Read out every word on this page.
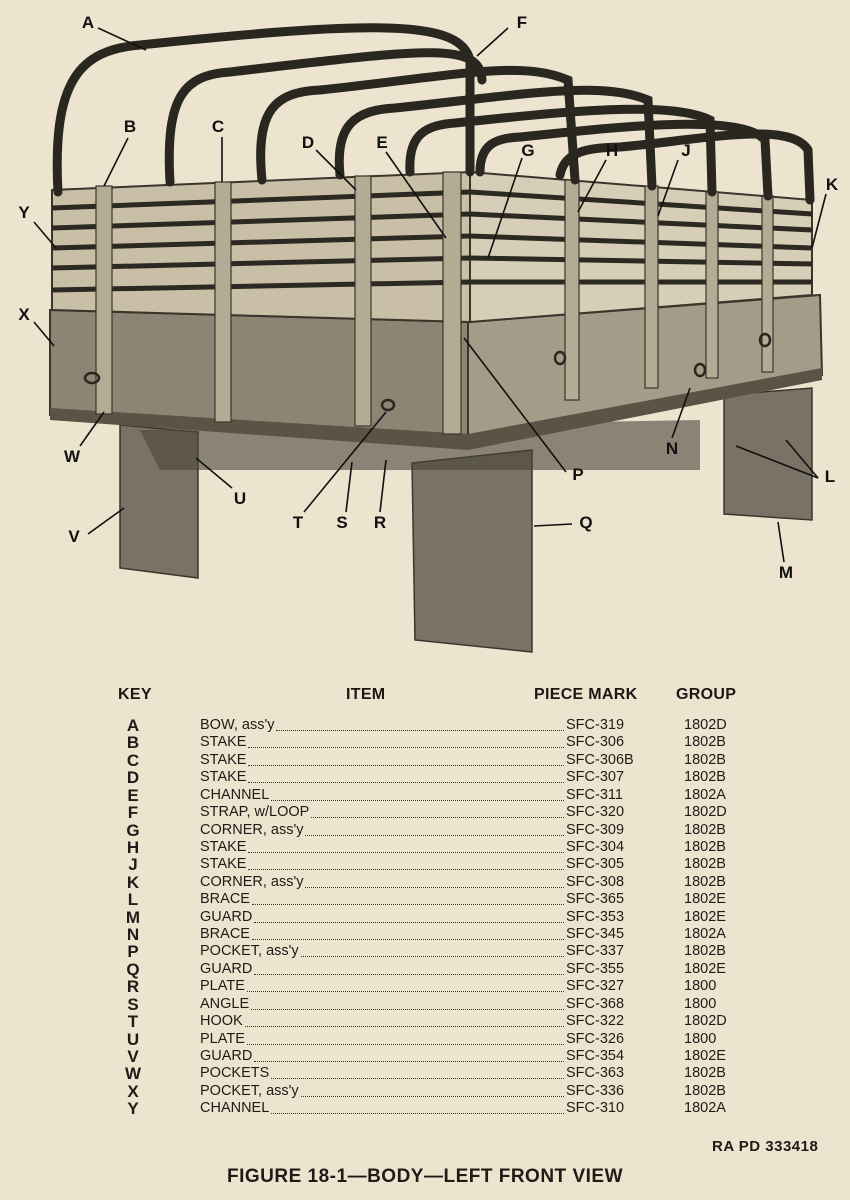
A
B	C
D	E
F
G	H	J
K
Y
X
W
V
U
T	S	R
P
N
L
M
Q
KEY	ITEM	PIECE MARK GROUP
A	BOW, ass'y	SFC-319	1802D
B	STAKE	SFC-306	1802B
C	STAKE	SFC-306B	1802B
D	STAKE	SFC-307	1802B
E	CHANNEL	SFC-311	1802A
F	STRAP, w/LOOP	SFC-320	1802D
G	CORNER, ass'y	SFC-309	1802B
H	STAKE	SFC-304	1802B
J	STAKE	SFC-305	1802B
K	CORNER, ass'y	SFC-308	1802B
L	BRACE	SFC-365	1802E
M	GUARD	SFC-353	1802E
N	BRACE	SFC-345	1802A
P	POCKET, ass'y	SFC-337	1802B
Q	GUARD	SFC-355	1802E
R	PLATE	SFC-327	1800
S	ANGLE	SFC-368	1800
T	HOOK	SFC-322	1802D
U	PLATE	SFC-326	1800
V	GUARD	SFC-354	1802E
W	POCKETS	SFC-363	1802B
X	POCKET, ass'y	SFC-336	1802B
Y	CHANNEL	SFC-310	1802A
RA PD 333418
FIGURE 18-1—BODY—LEFT FRONT VIEW
